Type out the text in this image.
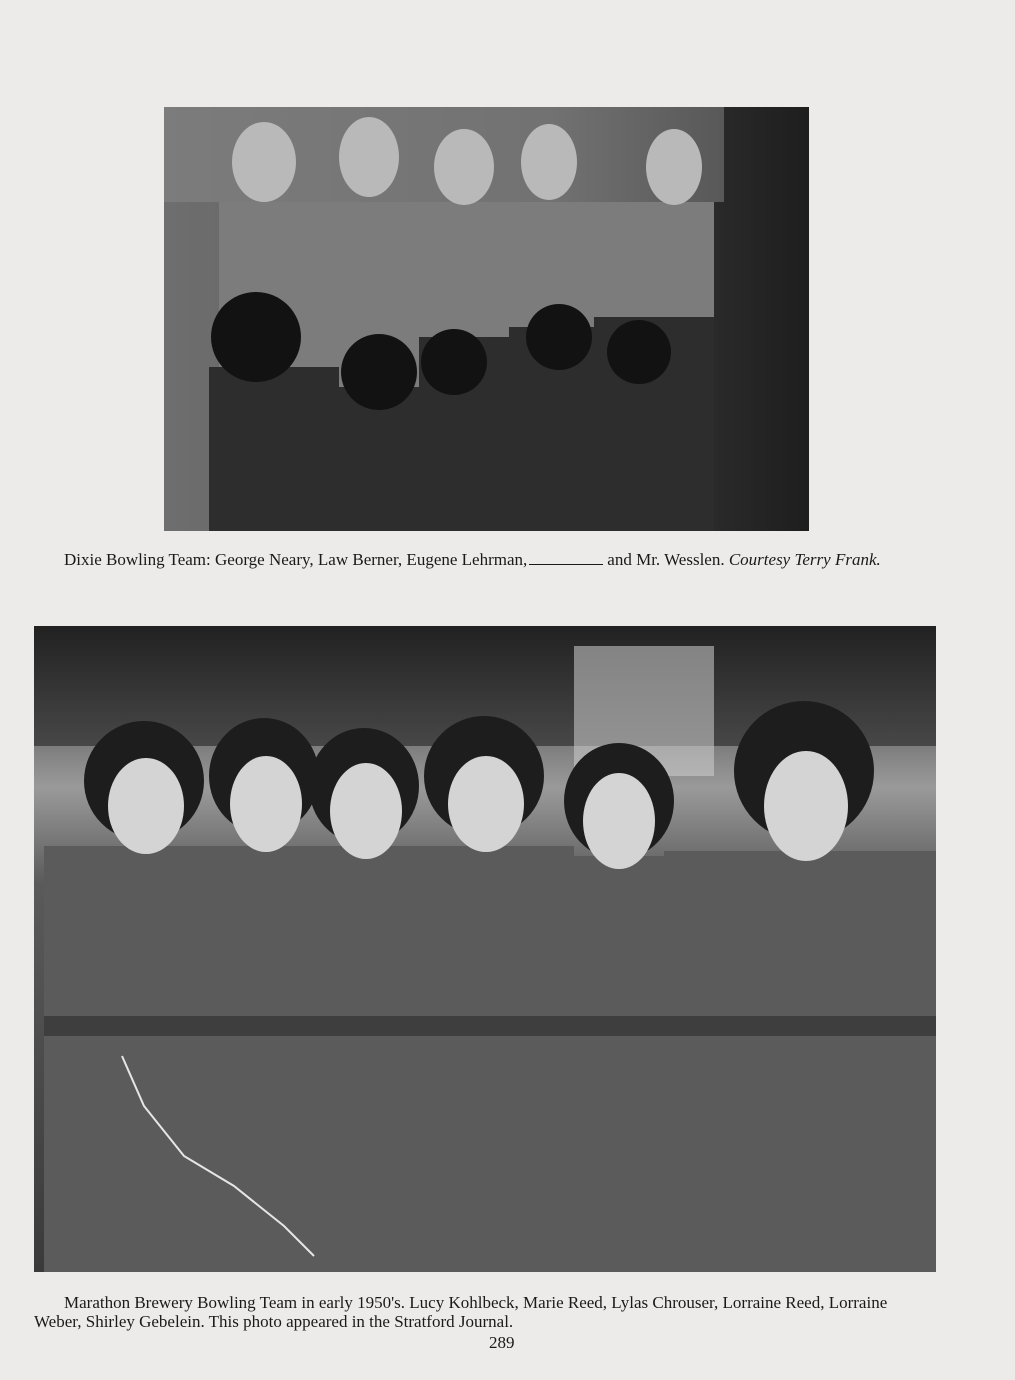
Dixie Bowling Team: George Neary, Law Berner, Eugene Lehrman,	and Mr. Wesslen. Courtesy Terry Frank.
Marathon Brewery Bowling Team in early 1950's. Lucy Kohlbeck, Marie Reed, Lylas Chrouser, Lorraine Reed, Lorraine
Weber, Shirley Gebelein. This photo appeared in the Stratford Journal.
289
